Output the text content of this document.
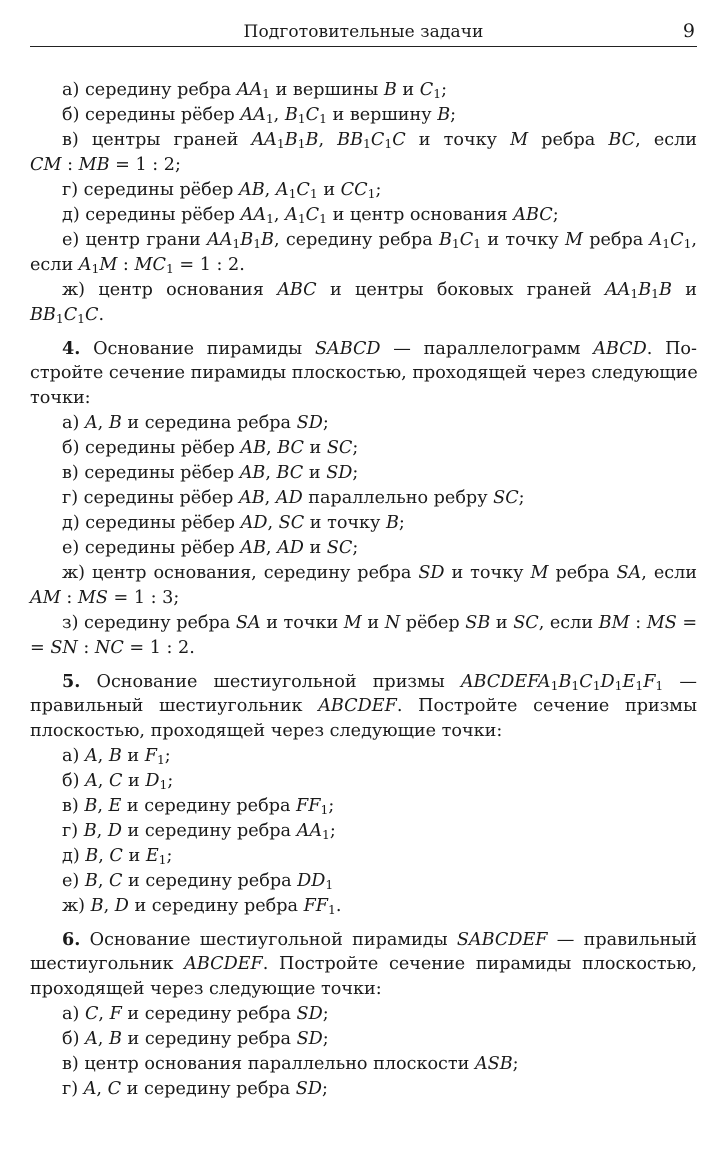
Подготовительные задачи	9
а) середину ребра $AA_1$ и вершины B и $C_1$;
б) середины рёбер $AA_1$, $B_1C_1$ и вершину B;
в) центры граней $AA_1B_1B$, $BB_1C_1C$ и точку M ребра BC, если
CM : MB = 1 : 2;
г) середины рёбер AB, $A_1C_1$ и $CC_1$;
д) середины рёбер $AA_1$, $A_1C_1$ и центр основания ABC;
е) центр грани $AA_1B_1B$, середину ребра $B_1C_1$ и точку M ребра $A_1C_1$,
если $A_1M$ : $MC_1 = 1$ : 2.
ж) центр основания ABC и центры боковых граней $AA_1B_1B$ и
$BB_1C_1C$.
4. Основание пирамиды SABCD — параллелограмм ABCD. По-
стройте сечение пирамиды плоскостью, проходящей через следующие
точки:
а) A, B и середина ребра SD;
б) середины рёбер AB, BC и SC;
в) середины рёбер AB, BC и SD;
г) середины рёбер AB, AD параллельно ребру SC;
д) середины рёбер AD, SC и точку B;
е) середины рёбер AB, AD и SC;
ж) центр основания, середину ребра SD и точку M ребра SA, если
AM : MS = 1 : 3;
з) середину ребра SA и точки M и N рёбер SB и SC, если BM : MS =
= SN : NC = 1 : 2.
5. Основание шестиугольной призмы $ABCDEFA_1B_1C_1D_1E_1F_1$ —
правильный шестиугольник ABCDEF. Постройте сечение призмы
плоскостью, проходящей через следующие точки:
а) A, B и $F_1$;
б) A, C и $D_1$;
в) B, E и середину ребра $FF_1$;
г) B, D и середину ребра $AA_1$;
д) B, C и $E_1$;
е) B, C и середину ребра $DD_1$
ж) B, D и середину ребра $FF_1$.
6. Основание шестиугольной пирамиды SABCDEF — правильный
шестиугольник ABCDEF. Постройте сечение пирамиды плоскостью,
проходящей через следующие точки:
а) C, F и середину ребра SD;
б) A, B и середину ребра SD;
в) центр основания параллельно плоскости ASB;
г) A, C и середину ребра SD;
